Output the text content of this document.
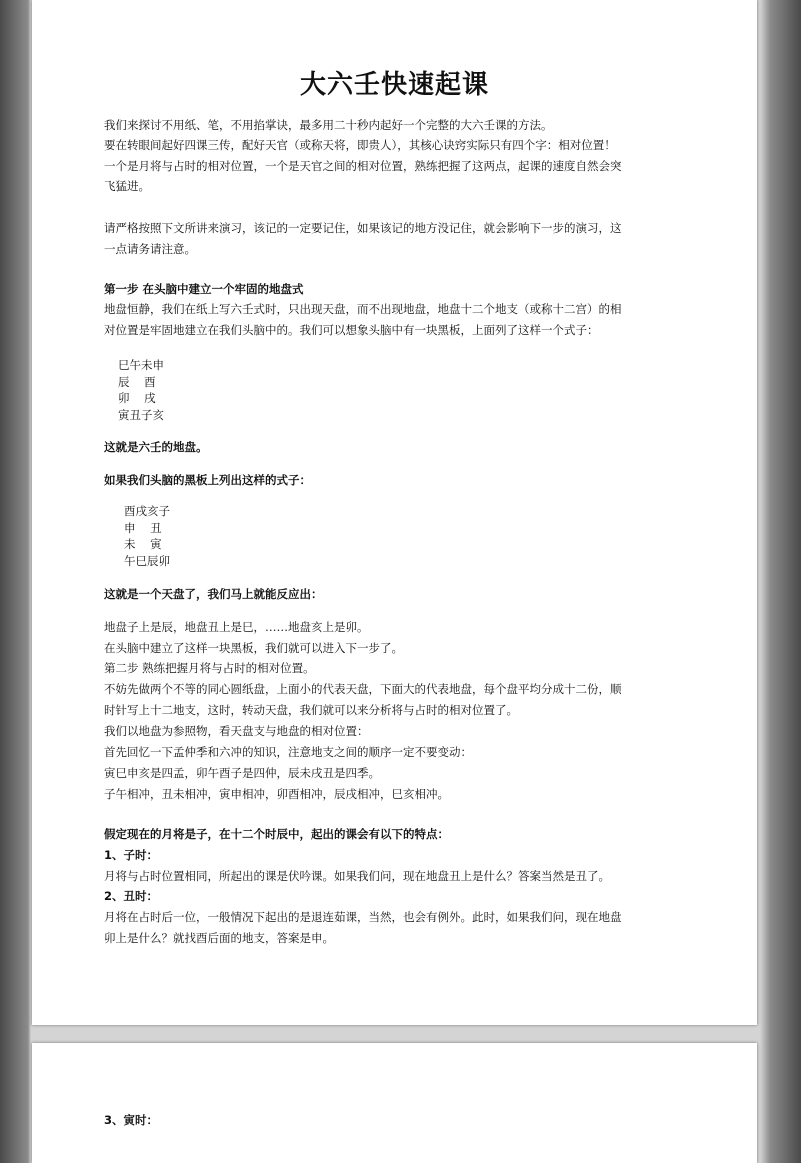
大六壬快速起课
我们来探讨不用纸、笔，不用掐掌诀，最多用二十秒内起好一个完整的大六壬课的方法。
要在转眼间起好四课三传，配好天官（或称天将，即贵人），其核心诀窍实际只有四个字：相对位置！
一个是月将与占时的相对位置，一个是天官之间的相对位置，熟练把握了这两点，起课的速度自然会突
飞猛进。
请严格按照下文所讲来演习，该记的一定要记住，如果该记的地方没记住，就会影响下一步的演习，这
一点请务请注意。
第一步 在头脑中建立一个牢固的地盘式
地盘恒静，我们在纸上写六壬式时，只出现天盘，而不出现地盘，地盘十二个地支（或称十二宫）的相
对位置是牢固地建立在我们头脑中的。我们可以想象头脑中有一块黑板，上面列了这样一个式子：
巳午未申
辰    酉
卯    戌
寅丑子亥
这就是六壬的地盘。
如果我们头脑的黑板上列出这样的式子：
酉戌亥子
申    丑
未    寅
午巳辰卯
这就是一个天盘了，我们马上就能反应出：
地盘子上是辰，地盘丑上是巳，……地盘亥上是卯。
在头脑中建立了这样一块黑板，我们就可以进入下一步了。
第二步 熟练把握月将与占时的相对位置。
不妨先做两个不等的同心圆纸盘，上面小的代表天盘，下面大的代表地盘，每个盘平均分成十二份，顺
时针写上十二地支，这时，转动天盘，我们就可以来分析将与占时的相对位置了。
我们以地盘为参照物，看天盘支与地盘的相对位置：
首先回忆一下孟仲季和六冲的知识，注意地支之间的顺序一定不要变动：
寅巳申亥是四孟，卯午酉子是四仲，辰未戌丑是四季。
子午相冲，丑未相冲，寅申相冲，卯酉相冲，辰戌相冲，巳亥相冲。
假定现在的月将是子，在十二个时辰中，起出的课会有以下的特点：
1、子时：
月将与占时位置相同，所起出的课是伏吟课。如果我们问，现在地盘丑上是什么？答案当然是丑了。
2、丑时：
月将在占时后一位，一般情况下起出的是退连茹课，当然，也会有例外。此时，如果我们问，现在地盘
卯上是什么？就找酉后面的地支，答案是申。
3、寅时：
